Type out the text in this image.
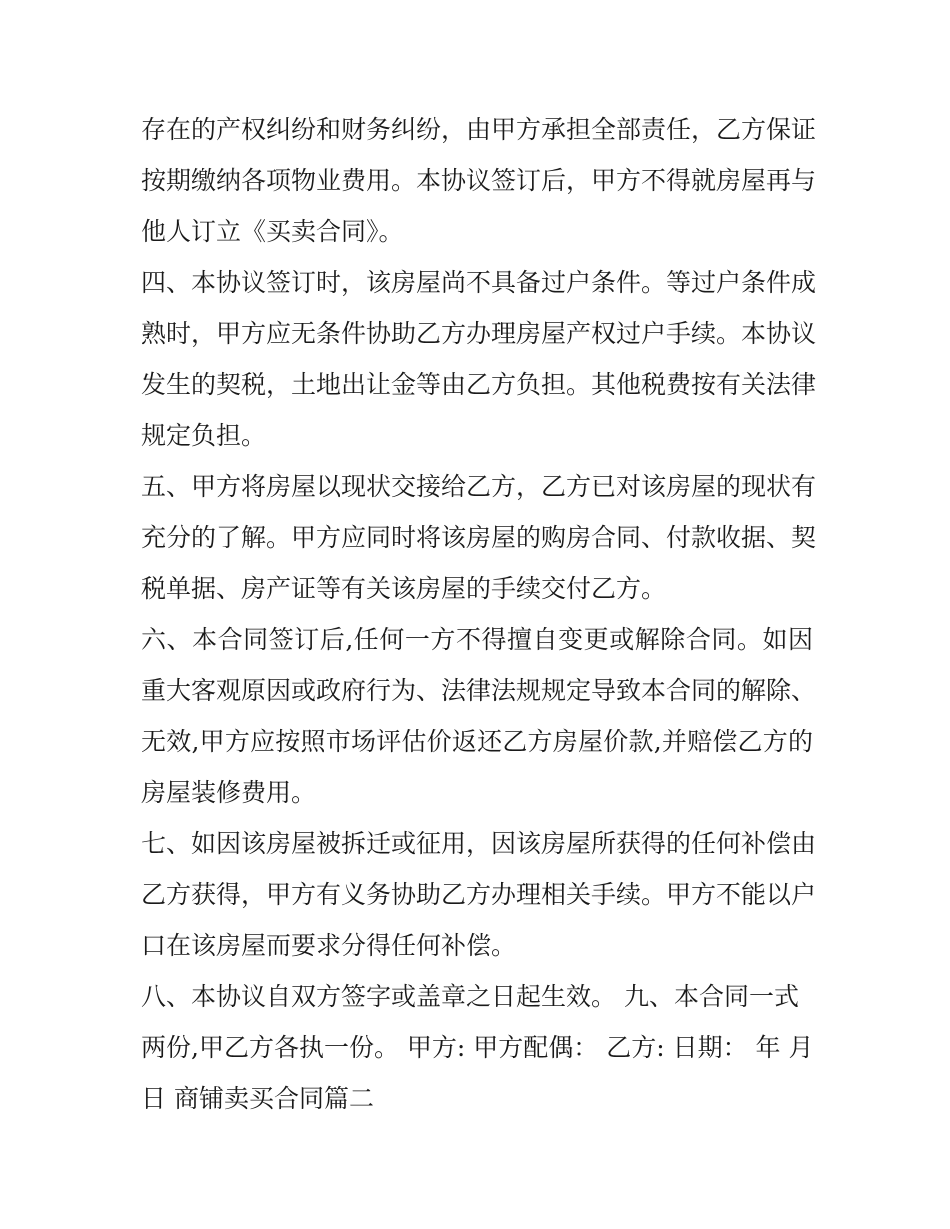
存在的产权纠纷和财务纠纷，由甲方承担全部责任，乙方保证
按期缴纳各项物业费用。本协议签订后，甲方不得就房屋再与
他人订立《买卖合同》。
四、本协议签订时，该房屋尚不具备过户条件。等过户条件成
熟时，甲方应无条件协助乙方办理房屋产权过户手续。本协议
发生的契税，土地出让金等由乙方负担。其他税费按有关法律
规定负担。
五、甲方将房屋以现状交接给乙方，乙方已对该房屋的现状有
充分的了解。甲方应同时将该房屋的购房合同、付款收据、契
税单据、房产证等有关该房屋的手续交付乙方。
六、本合同签订后,任何一方不得擅自变更或解除合同。如因
重大客观原因或政府行为、法律法规规定导致本合同的解除、
无效,甲方应按照市场评估价返还乙方房屋价款,并赔偿乙方的
房屋装修费用。
七、如因该房屋被拆迁或征用，因该房屋所获得的任何补偿由
乙方获得，甲方有义务协助乙方办理相关手续。甲方不能以户
口在该房屋而要求分得任何补偿。
八、本协议自双方签字或盖章之日起生效。 九、本合同一式
两份,甲乙方各执一份。 甲方: 甲方配偶： 乙方: 日期： 年 月
日 商铺卖买合同篇二
